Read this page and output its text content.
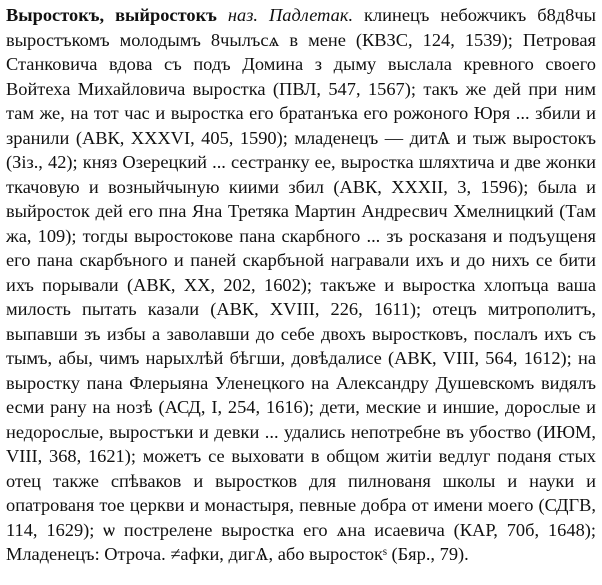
Выростокъ, выйростокъ наз. Падлетак. клинецъ небожчикъ б8д8чы выростъкомъ молодымъ 8чылъсѧ в мене (КВЗС, 124, 1539); Петровая Станковича вдова съ подъ Домина з дыму выслала кревного своего Войтеха Михайловича выростка (ПВЛ, 547, 1567); такъ же дей при ним там же, на тот час и выростка его братанъка его рожоного Юря ... збили и зранили (АВК, XXXVI, 405, 1590); младенецъ — дитѦ и тыж выростокъ (Зіз., 42); княз Озерецкий ... сестранку ее, выростка шляхтича и две жонки ткачовую и возныйчыную киими збил (АВК, XXXII, 3, 1596); была и выйросток дей его пна Яна Третяка Мартин Андресвич Хмелницкий (Там жа, 109); тогды выростокове пана скарбного ... зъ росказаня и подъущеня его пана скарбъного и паней скарбъной награвали ихъ и до нихъ се бити ихъ порывали (АВК, XX, 202, 1602); такъже и выростка хлопъца ваша милость пытать казали (АВК, XVIII, 226, 1611); отецъ митрополитъ, выпавши зъ избы а заволавши до себе двохъ выростковъ, послалъ ихъ съ тымъ, абы, чимъ нарыхлѣй бѣгши, довѣдалисе (АВК, VIII, 564, 1612); на выростку пана Флерыяна Уленецкого на Александру Душевскомъ видялъ есми рану на нозѣ (АСД, I, 254, 1616); дети, меские и иншие, дорослые и недорослые, выростъки и девки ... удались непотребне въ убоство (ИЮМ, VIII, 368, 1621); можетъ се выховати в общом житіи ведлуг поданя стых отец также спѣваков и выростков для пилнованя школы и науки и опатрованя тое церкви и монастыря, певные добра от имени моего (СДГВ, 114, 1629); ѡ пострелене выростка его ѧна исаевича (КАР, 70б, 1648); Младенецъ: Отроча. ≠афки, дигѦ, або выростокˢ (Бяр., 79).
